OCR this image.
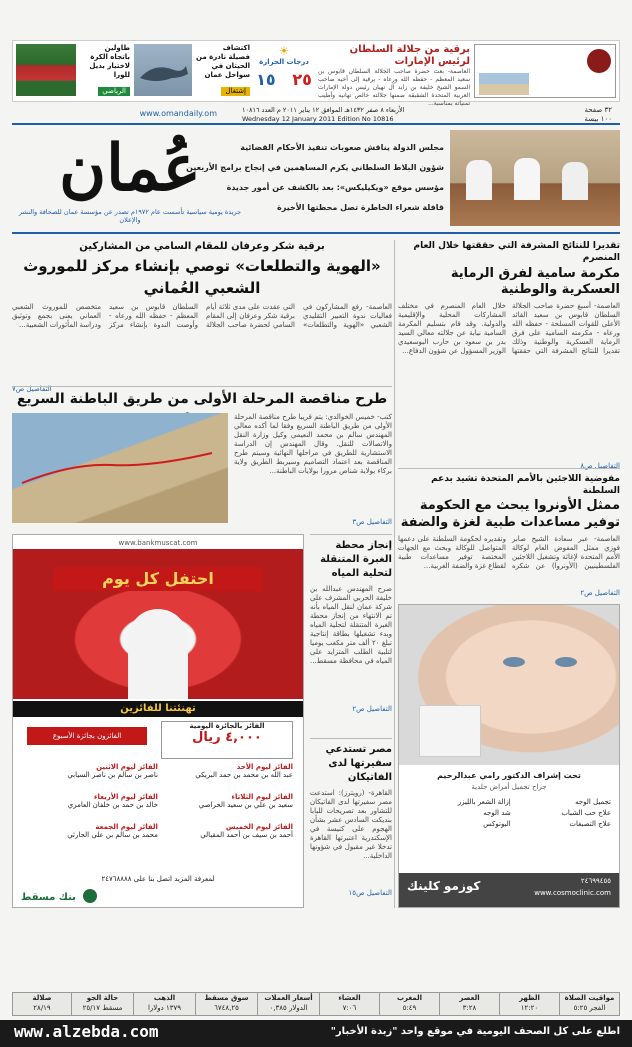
طاولين
باتجاه الكرة لاختيار بديل للورا
الرياضي
اكتشاف
فصيلة نادرة من الحيتان في سواحل عمان
إشتغال
☀
درجات الحرارة
٢٥   ١٥
برقية من جلالة السلطان لرئيس الإمارات
العاصمة- بعث حضرة صاحب الجلالة السلطان قابوس بن سعيد المعظم - حفظه الله ورعاه - برقية إلى أخيه صاحب السمو الشيخ خليفة بن زايد آل نهيان رئيس دولة الإمارات العربية المتحدة الشقيقة ضمنها جلالته خالص تهانيه وأطيب تمنياته بمناسبة...
٣٢ صفحة
١٠٠ بيسة
الأربعاء ٨ صفر ١٤٣٢هـ الموافق ١٢ يناير ٢٠١١ م العدد ١٠٨١٦
Wednesday 12 January 2011 Edition No 10816
www.omandaily.om
عُمان
جريدة يومية سياسية تأسست عام ١٩٧٢م تصدر عن مؤسسة عمان للصحافة والنشر والإعلان
مجلس الدولة يناقش صعوبات تنفيذ الأحكام القضائية
شؤون البلاط السلطاني يكرم المساهمين في إنجاح برامج الأربعين
مؤسس موقع «ويكيليكس»: بعد بالكشف عن أمور جديدة
قافلة شعراء الخاطرة تصل محطتها الأخيرة
تقديرا للنتائج المشرفة التي حققتها خلال العام المنصرم
مكرمة سامية لفرق الرماية العسكرية والوطنية
العاصمة- أسبغ حضرة صاحب الجلالة السلطان قابوس بن سعيد القائد الأعلى للقوات المسلحة - حفظه الله ورعاه - مكرمته السامية على فرق الرماية العسكرية والوطنية وذلك تقديرا للنتائج المشرفة التي حققتها خلال العام المنصرم في مختلف المشاركات المحلية والإقليمية والدولية. وقد قام بتسليم المكرمة السامية نيابة عن جلالته معالي السيد بدر بن سعود بن حارب البوسعيدي الوزير المسؤول عن شؤون الدفاع...
التفاصيل ص٨
مفوضية اللاجئين بالأمم المتحدة تشيد بدعم السلطنة
ممثل الأونروا يبحث مع الحكومة توفير مساعدات طبية لغزة والضفة
العاصمة- عبر سعادة الشيخ صابر فوزي ممثل المفوض العام لوكالة الأمم المتحدة لإغاثة وتشغيل اللاجئين الفلسطينيين (الأونروا) عن شكره وتقديره لحكومة السلطنة على دعمها المتواصل للوكالة وبحث مع الجهات المختصة توفير مساعدات طبية لقطاع غزة والضفة الغربية...
التفاصيل ص٢
تحت إشراف الدكتور رامي عبدالرحيم
جراح تجميل أمراض جلدية
تجميل الوجه إزالة الشعر بالليزر علاج حب الشباب شد الوجه علاج التصبغات البوتوكس
كوزمو كلينك	٢٤٦٩٩٤٥٥
www.cosmoclinic.com
برقية شكر وعرفان للمقام السامي من المشاركين
«الهوية والتطلعات» توصي بإنشاء مركز للموروث الشعبي العُماني
العاصمة- رفع المشاركون في فعاليات ندوة التعبير التقليدي الشعبي «الهوية والتطلعات» التي عقدت على مدى ثلاثة أيام برقية شكر وعرفان إلى المقام السامي لحضرة صاحب الجلالة السلطان قابوس بن سعيد المعظم - حفظه الله ورعاه - وأوصت الندوة بإنشاء مركز متخصص للموروث الشعبي العماني يعنى بجمع وتوثيق ودراسة المأثورات الشعبية...
التفاصيل ص٧
طرح مناقصة المرحلة الأولى من طريق الباطنة السريع
كتب- خميس الخوالدي: يتم قريبا طرح مناقصة المرحلة الأولى من طريق الباطنة السريع وفقا لما أكده معالي المهندس سالم بن محمد النعيمي وكيل وزارة النقل والاتصالات للنقل. وقال المهندس إن الدراسة الاستشارية للطريق في مراحلها النهائية وسيتم طرح المناقصة بعد اعتماد التصاميم وسيربط الطريق ولاية بركاء بولاية شناص مرورا بولايات الباطنة...
التفاصيل ص٣
إنجاز محطة الغبرة المتنقلة لتحلية المياه
صرح المهندس عبدالله بن خليفة الحربي المشرف على شركة عمان لنقل المياه بأنه تم الانتهاء من إنجاز محطة الغبرة المتنقلة لتحلية المياه وبدء تشغيلها بطاقة إنتاجية تبلغ ٢٠ ألف متر مكعب يوميا لتلبية الطلب المتزايد على المياه في محافظة مسقط...
التفاصيل ص٢
مصر تستدعي سفيرتها لدى الفاتيكان
القاهرة- (رويترز): استدعت مصر سفيرتها لدى الفاتيكان للتشاور بعد تصريحات للبابا بنديكت السادس عشر بشأن الهجوم على كنيسة في الإسكندرية اعتبرتها القاهرة تدخلا غير مقبول في شؤونها الداخلية...
التفاصيل ص١٥
www.bankmuscat.com
احتفل كل يوم
تهنئتنا للفائزين
الفائز بالجائزة اليومية
٤,٠٠٠ ريال
الفائزون بجائزة الأسبوع
الفائز ليوم الأحد
عبد الله بن محمد بن حمد البريكي

الفائز ليوم الاثنين
ناصر بن سالم بن ناصر السيابي

الفائز ليوم الثلاثاء
سعيد بن علي بن سعيد الحراصي

الفائز ليوم الأربعاء
خالد بن حمد بن خلفان العامري

الفائز ليوم الخميس
أحمد بن سيف بن أحمد المقبالي

الفائز ليوم الجمعة
محمد بن سالم بن علي الحارثي
لمعرفة المزيد اتصل بنا على ٢٤٧٦٨٨٨٨
بنك مسقط
مواقيت الصلاة
الفجر ٥:٢٥
الظهر
١٢:٢٠
العصر
٣:٢٨
المغرب
٥:٤٩
العشاء
٧:٠٦
أسعار العملات
الدولار ٠,٣٨٥
سوق مسقط
٦٧٤٨,٢٥
الذهب
١٣٧٩ دولارا
حالة الجو
مسقط ٢٥/١٧
صلالة
٢٨/١٩
www.alzebda.com	اطلع على كل الصحف اليومية في موقع واحد "زبدة الأخبار"
